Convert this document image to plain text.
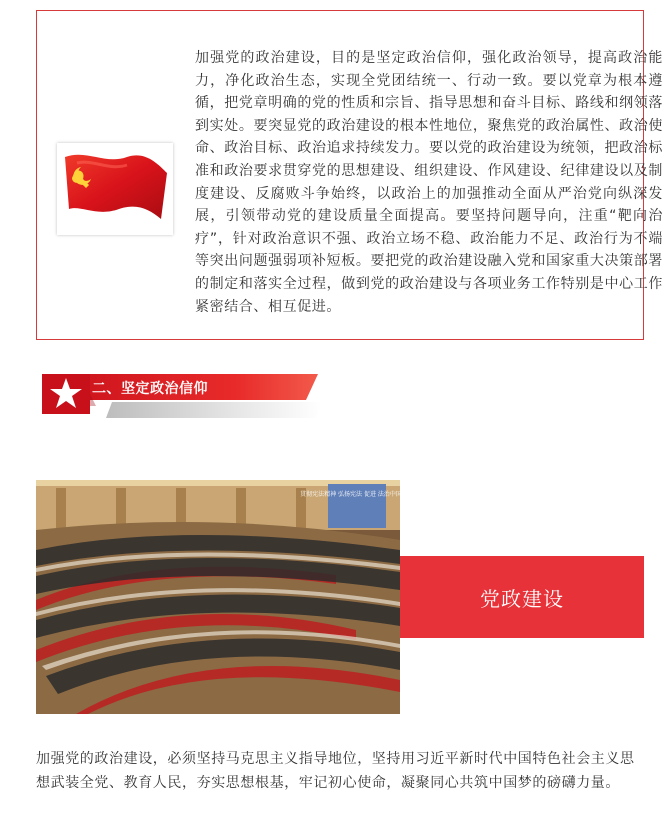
加强党的政治建设，目的是坚定政治信仰，强化政治领导，提高政治能力，净化政治生态，实现全党团结统一、行动一致。要以党章为根本遵循，把党章明确的党的性质和宗旨、指导思想和奋斗目标、路线和纲领落到实处。要突显党的政治建设的根本性地位，聚焦党的政治属性、政治使命、政治目标、政治追求持续发力。要以党的政治建设为统领，把政治标准和政治要求贯穿党的思想建设、组织建设、作风建设、纪律建设以及制度建设、反腐败斗争始终，以政治上的加强推动全面从严治党向纵深发展，引领带动党的建设质量全面提高。要坚持问题导向，注重“靶向治疗”，针对政治意识不强、政治立场不稳、政治能力不足、政治行为不端等突出问题强弱项补短板。要把党的政治建设融入党和国家重大决策部署的制定和落实全过程，做到党的政治建设与各项业务工作特别是中心工作紧密结合、相互促进。

二、坚定政治信仰
贯彻宪法精神 弘扬宪法 促进 法治中国建设
党政建设

加强党的政治建设，必须坚持马克思主义指导地位，坚持用习近平新时代中国特色社会主义思想武装全党、教育人民，夯实思想根基，牢记初心使命，凝聚同心共筑中国梦的磅礴力量。
